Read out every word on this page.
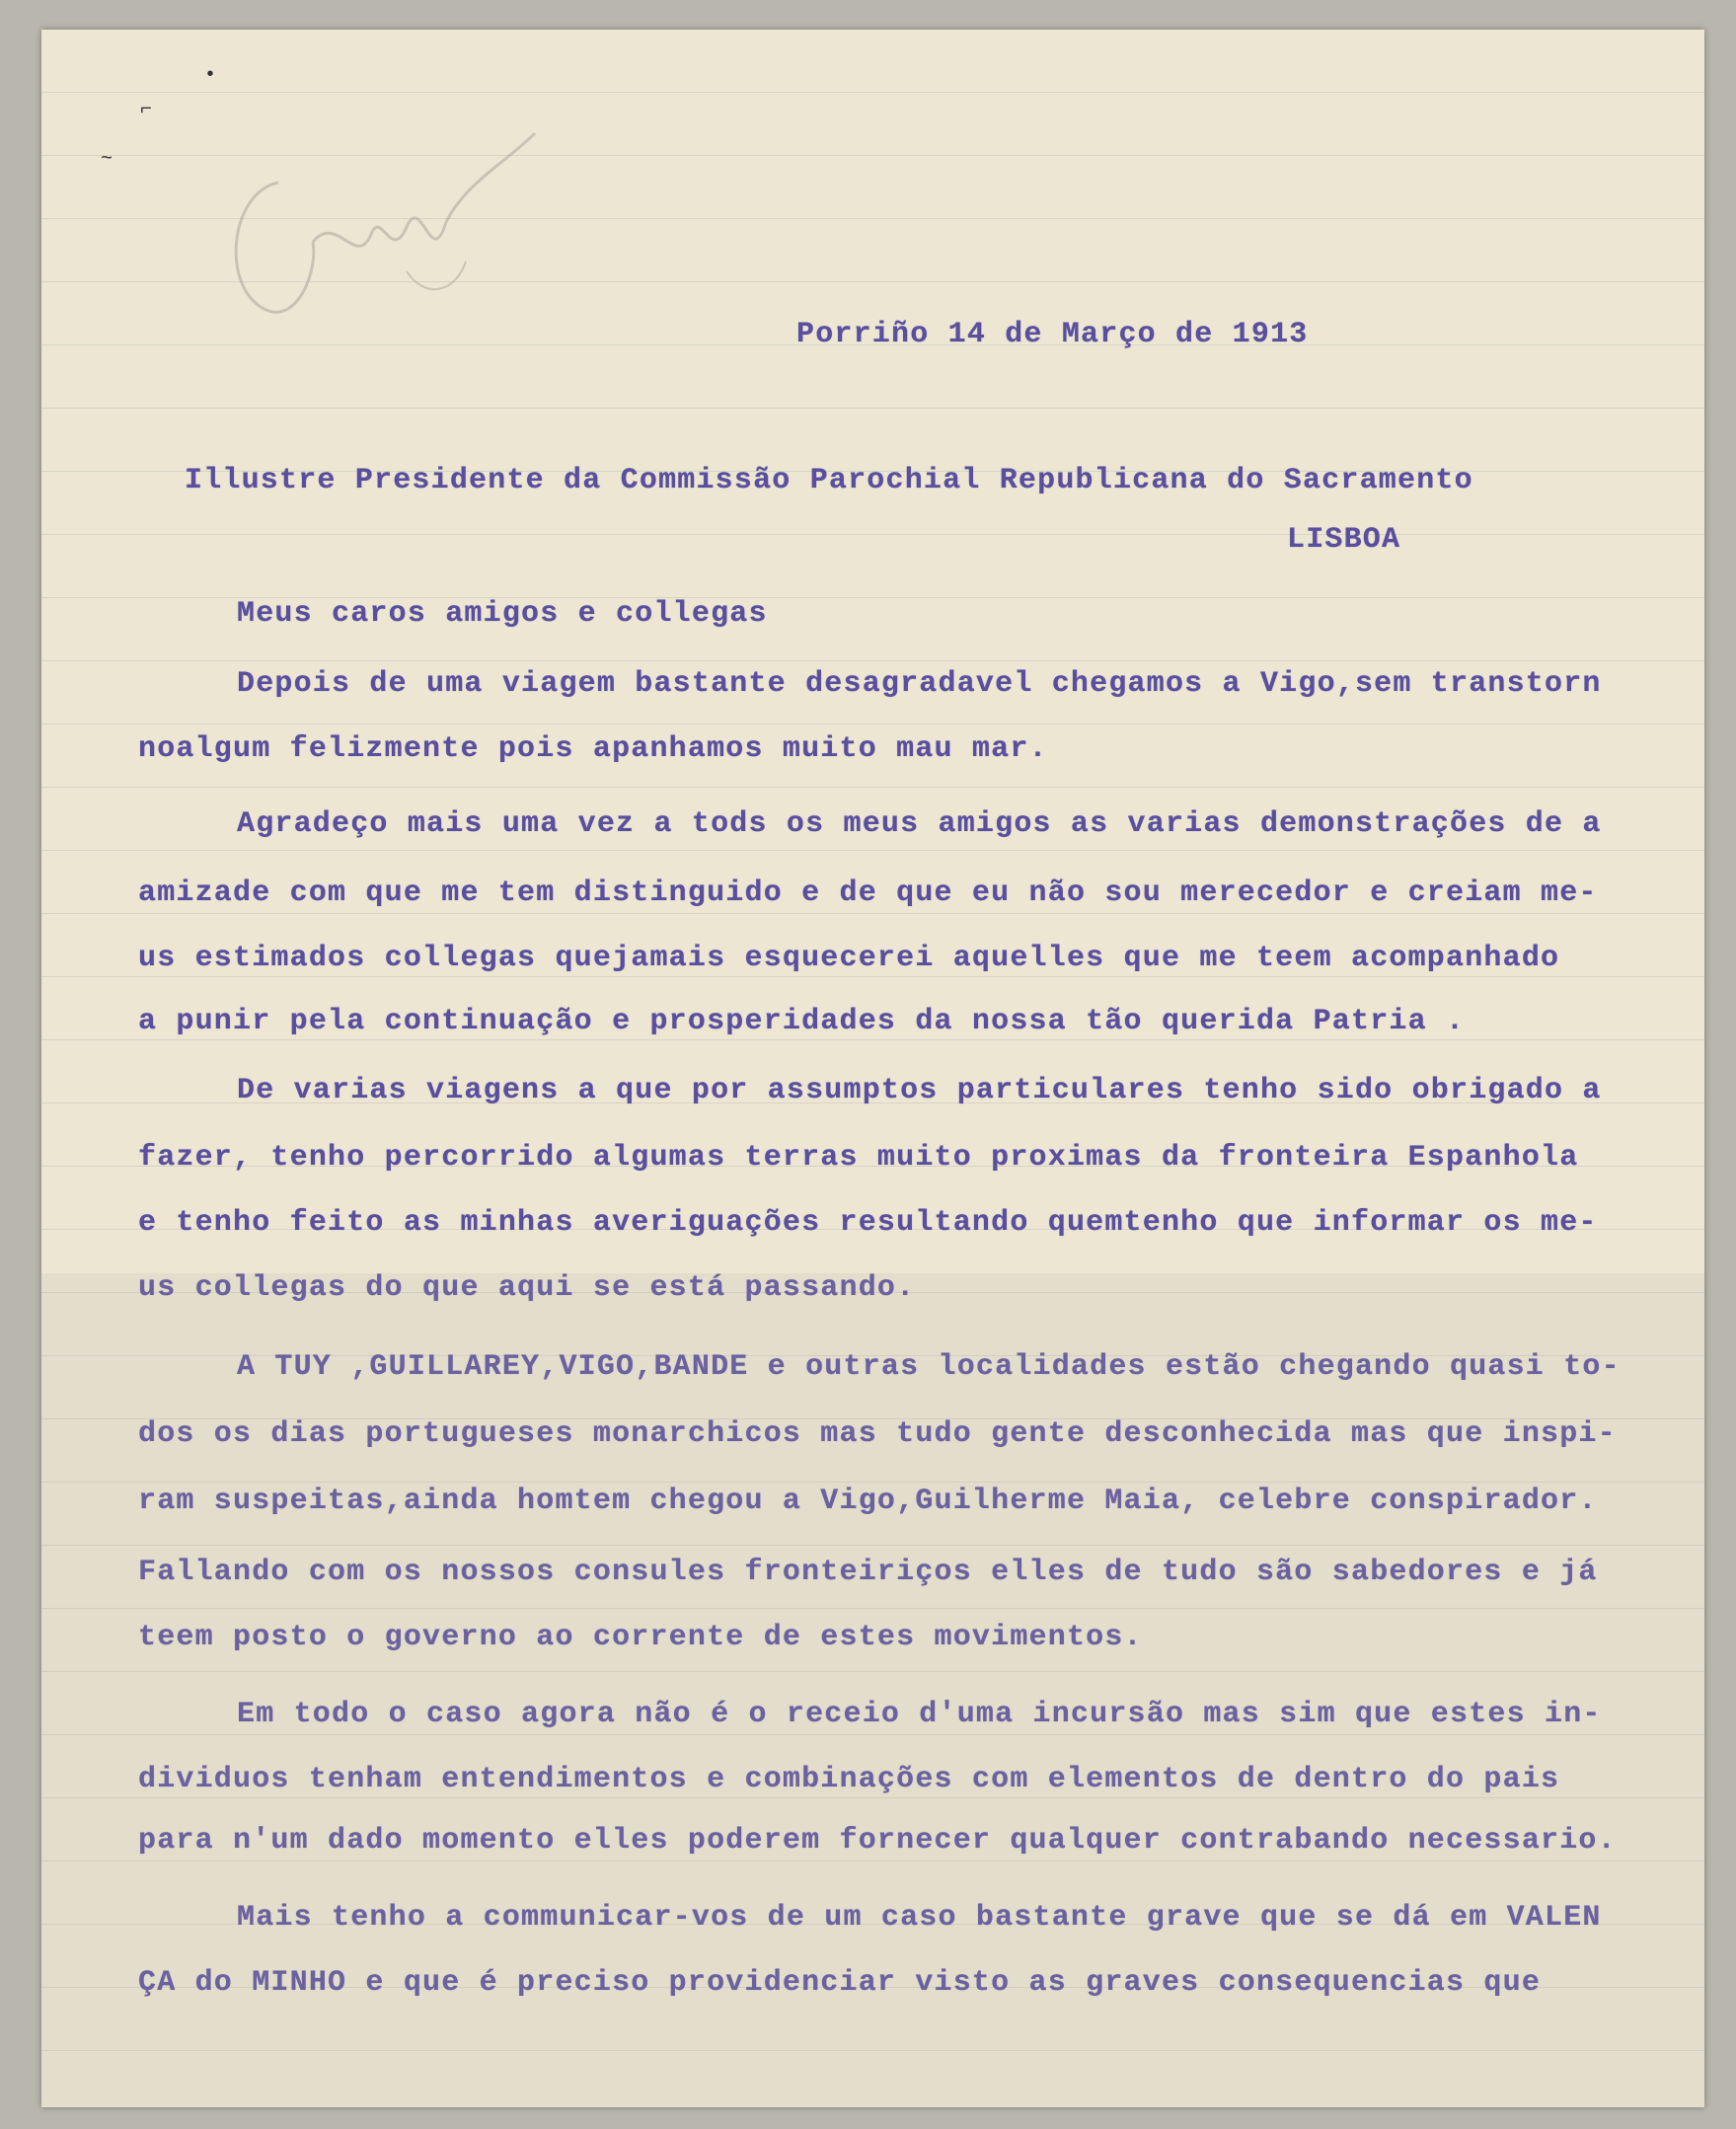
•
⌐
~
Porriño 14 de Março de 1913
Illustre Presidente da Commissão Parochial Republicana do Sacramento
LISBOA
Meus caros amigos e collegas
Depois de uma viagem bastante desagradavel chegamos a Vigo,sem transtorn
noalgum felizmente pois apanhamos muito mau mar.
Agradeço mais uma vez a tods os meus amigos as varias demonstrações de a
amizade com que me tem distinguido e de que eu não sou merecedor e creiam me-
us estimados collegas quejamais esquecerei aquelles que me teem acompanhado
a punir pela continuação e prosperidades da nossa tão querida Patria .
De varias viagens a que por assumptos particulares tenho sido obrigado a
fazer, tenho percorrido algumas terras muito proximas da fronteira Espanhola
e tenho feito as minhas averiguações resultando quemtenho que informar os me-
us collegas do que aqui se está passando.
A TUY ,GUILLAREY,VIGO,BANDE e outras localidades estão chegando quasi to-
dos os dias portugueses monarchicos mas tudo gente desconhecida mas que inspi-
ram suspeitas,ainda homtem chegou a Vigo,Guilherme Maia, celebre conspirador.
Fallando com os nossos consules fronteiriços elles de tudo são sabedores e já
teem posto o governo ao corrente de estes movimentos.
Em todo o caso agora não é o receio d'uma incursão mas sim que estes in-
dividuos tenham entendimentos e combinações com elementos de dentro do pais
para n'um dado momento elles poderem fornecer qualquer contrabando necessario.
Mais tenho a communicar-vos de um caso bastante grave que se dá em VALEN
ÇA do MINHO e que é preciso providenciar visto as graves consequencias que
